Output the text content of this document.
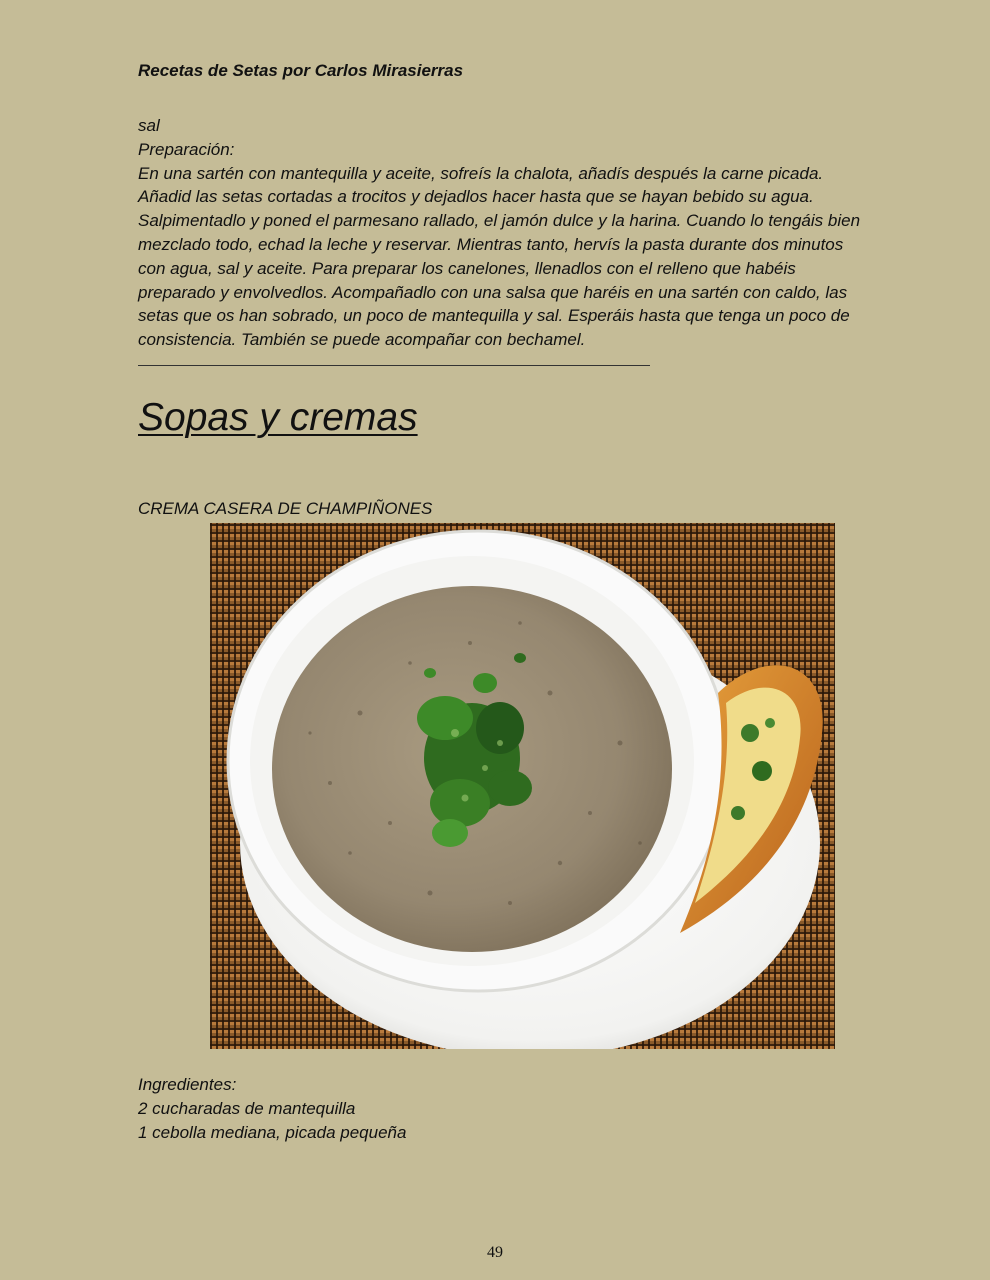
Recetas de Setas por Carlos Mirasierras
sal
Preparación:
En una sartén con mantequilla y aceite, sofreís la chalota, añadís después la carne picada.
Añadid las setas cortadas a trocitos y dejadlos hacer hasta que se hayan bebido su agua.
Salpimentadlo y poned el parmesano rallado, el jamón dulce y la harina. Cuando lo tengáis bien
mezclado todo, echad la leche y reservar. Mientras tanto, hervís la pasta durante dos minutos
con agua, sal y aceite. Para preparar los canelones, llenadlos con el relleno que habéis
preparado y envolvedlos. Acompañadlo con una salsa que haréis en una sartén con caldo, las
setas que os han sobrado, un poco de mantequilla y sal. Esperáis hasta que tenga un poco de
consistencia. También se puede acompañar con bechamel.
Sopas y cremas
CREMA CASERA DE CHAMPIÑONES
Ingredientes:
2 cucharadas de mantequilla
1 cebolla mediana, picada pequeña
49
